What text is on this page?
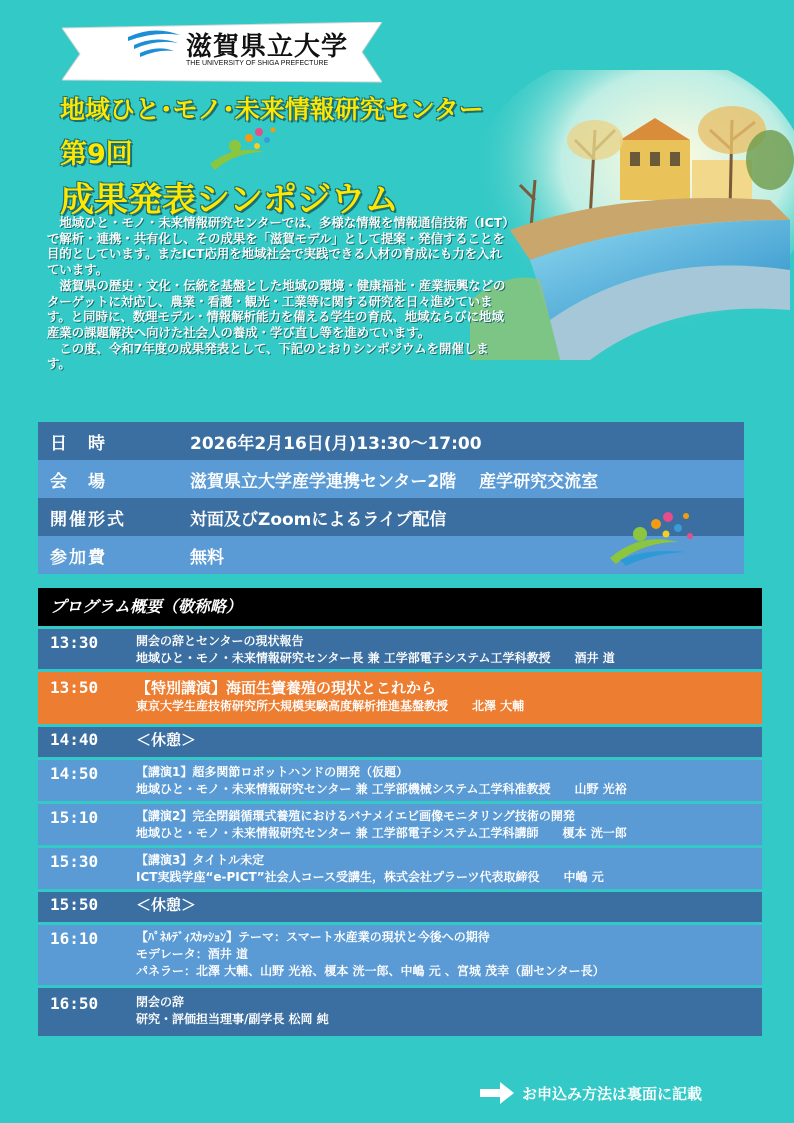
滋賀県立大学
THE UNIVERSITY OF SHIGA PREFECTURE
地域ひと･モノ･未来情報研究センター
第9回
成果発表シンポジウム

地域ひと・モノ・未来情報研究センターでは、多様な情報を情報通信技術（ICT）で解析・連携・共有化し、その成果を「滋賀モデル」として提案・発信することを目的としています。またICT応用を地域社会で実践できる人材の育成にも力を入れています。

滋賀県の歴史・文化・伝統を基盤とした地域の環境・健康福祉・産業振興などのターゲットに対応し、農業・看護・観光・工業等に関する研究を日々進めています。と同時に、数理モデル・情報解析能力を備える学生の育成、地域ならびに地域産業の課題解決へ向けた社会人の養成・学び直し等を進めています。

この度、令和7年度の成果発表として、下記のとおりシンポジウムを開催します。

日　時	2026年2月16日(月)13:30～17:00
会　場	滋賀県立大学産学連携センター2階　 産学研究交流室
開催形式	対面及びZoomによるライブ配信
参加費	無料
プログラム概要（敬称略）
13:30	開会の辞とセンターの現状報告
地域ひと・モノ・未来情報研究センター長 兼 工学部電子システム工学科教授　　酒井 道
13:50	【特別講演】海面生簀養殖の現状とこれから
東京大学生産技術研究所大規模実験高度解析推進基盤教授　　北澤 大輔
14:40	＜休憩＞
14:50	【講演1】超多関節ロボットハンドの開発（仮題）
地域ひと・モノ・未来情報研究センター 兼 工学部機械システム工学科准教授　　山野 光裕
15:10	【講演2】完全閉鎖循環式養殖におけるバナメイエビ画像モニタリング技術の開発
地域ひと・モノ・未来情報研究センター 兼 工学部電子システム工学科講師　　榎本 洸一郎
15:30	【講演3】タイトル未定
ICT実践学座“e-PICT”社会人コース受講生，株式会社プラーツ代表取締役　　中嶋 元
15:50	＜休憩＞
16:10	【ﾊﾟﾈﾙﾃﾞｨｽｶｯｼｮﾝ】テーマ：スマート水産業の現状と今後への期待
モデレータ：酒井 道
パネラー：北澤 大輔、山野 光裕、榎本 洸一郎、中嶋 元 、宮城 茂幸（副センター長）
16:50	閉会の辞
研究・評価担当理事/副学長 松岡 純
お申込み方法は裏面に記載
